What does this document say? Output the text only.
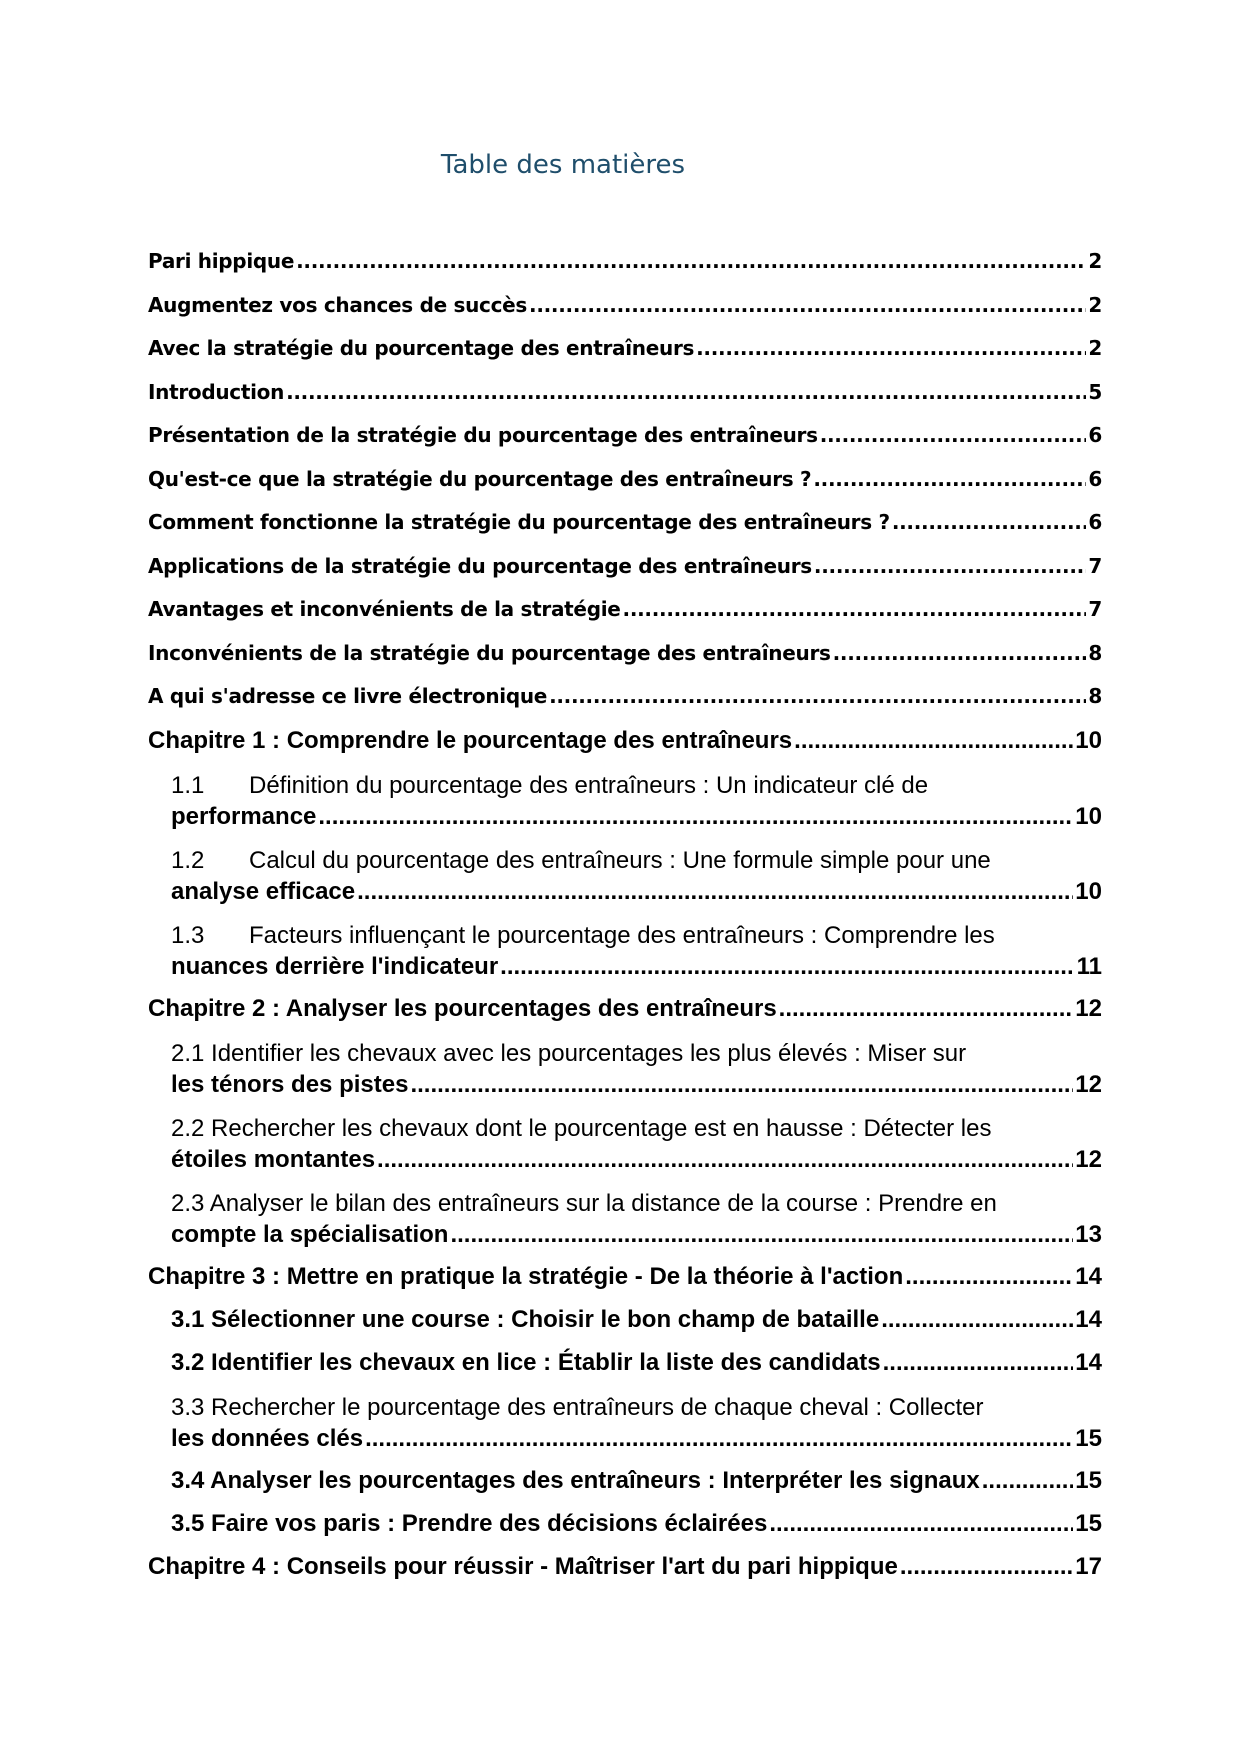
Table des matières
Pari hippique .....	2
Augmentez vos chances de succès .....	2
Avec la stratégie du pourcentage des entraîneurs .....	2
Introduction .....	5
Présentation de la stratégie du pourcentage des entraîneurs .....	6
Qu'est-ce que la stratégie du pourcentage des entraîneurs ? .....	6
Comment fonctionne la stratégie du pourcentage des entraîneurs ? .....	6
Applications de la stratégie du pourcentage des entraîneurs .....	7
Avantages et inconvénients de la stratégie .....	7
Inconvénients de la stratégie du pourcentage des entraîneurs .....	8
A qui s'adresse ce livre électronique .....	8
Chapitre 1 : Comprendre le pourcentage des entraîneurs .....	10
1.1 Définition du pourcentage des entraîneurs : Un indicateur clé de
performance .....	10
1.2 Calcul du pourcentage des entraîneurs : Une formule simple pour une
analyse efficace .....	10
1.3 Facteurs influençant le pourcentage des entraîneurs : Comprendre les
nuances derrière l'indicateur .....	11
Chapitre 2 : Analyser les pourcentages des entraîneurs .....	12
2.1 Identifier les chevaux avec les pourcentages les plus élevés : Miser sur
les ténors des pistes .....	12
2.2 Rechercher les chevaux dont le pourcentage est en hausse : Détecter les
étoiles montantes .....	12
2.3 Analyser le bilan des entraîneurs sur la distance de la course : Prendre en
compte la spécialisation .....	13
Chapitre 3 : Mettre en pratique la stratégie - De la théorie à l'action .....	14
3.1 Sélectionner une course : Choisir le bon champ de bataille .....	14
3.2 Identifier les chevaux en lice : Établir la liste des candidats .....	14
3.3 Rechercher le pourcentage des entraîneurs de chaque cheval : Collecter
les données clés .....	15
3.4 Analyser les pourcentages des entraîneurs : Interpréter les signaux .....	15
3.5 Faire vos paris : Prendre des décisions éclairées .....	15
Chapitre 4 : Conseils pour réussir - Maîtriser l'art du pari hippique .....	17
